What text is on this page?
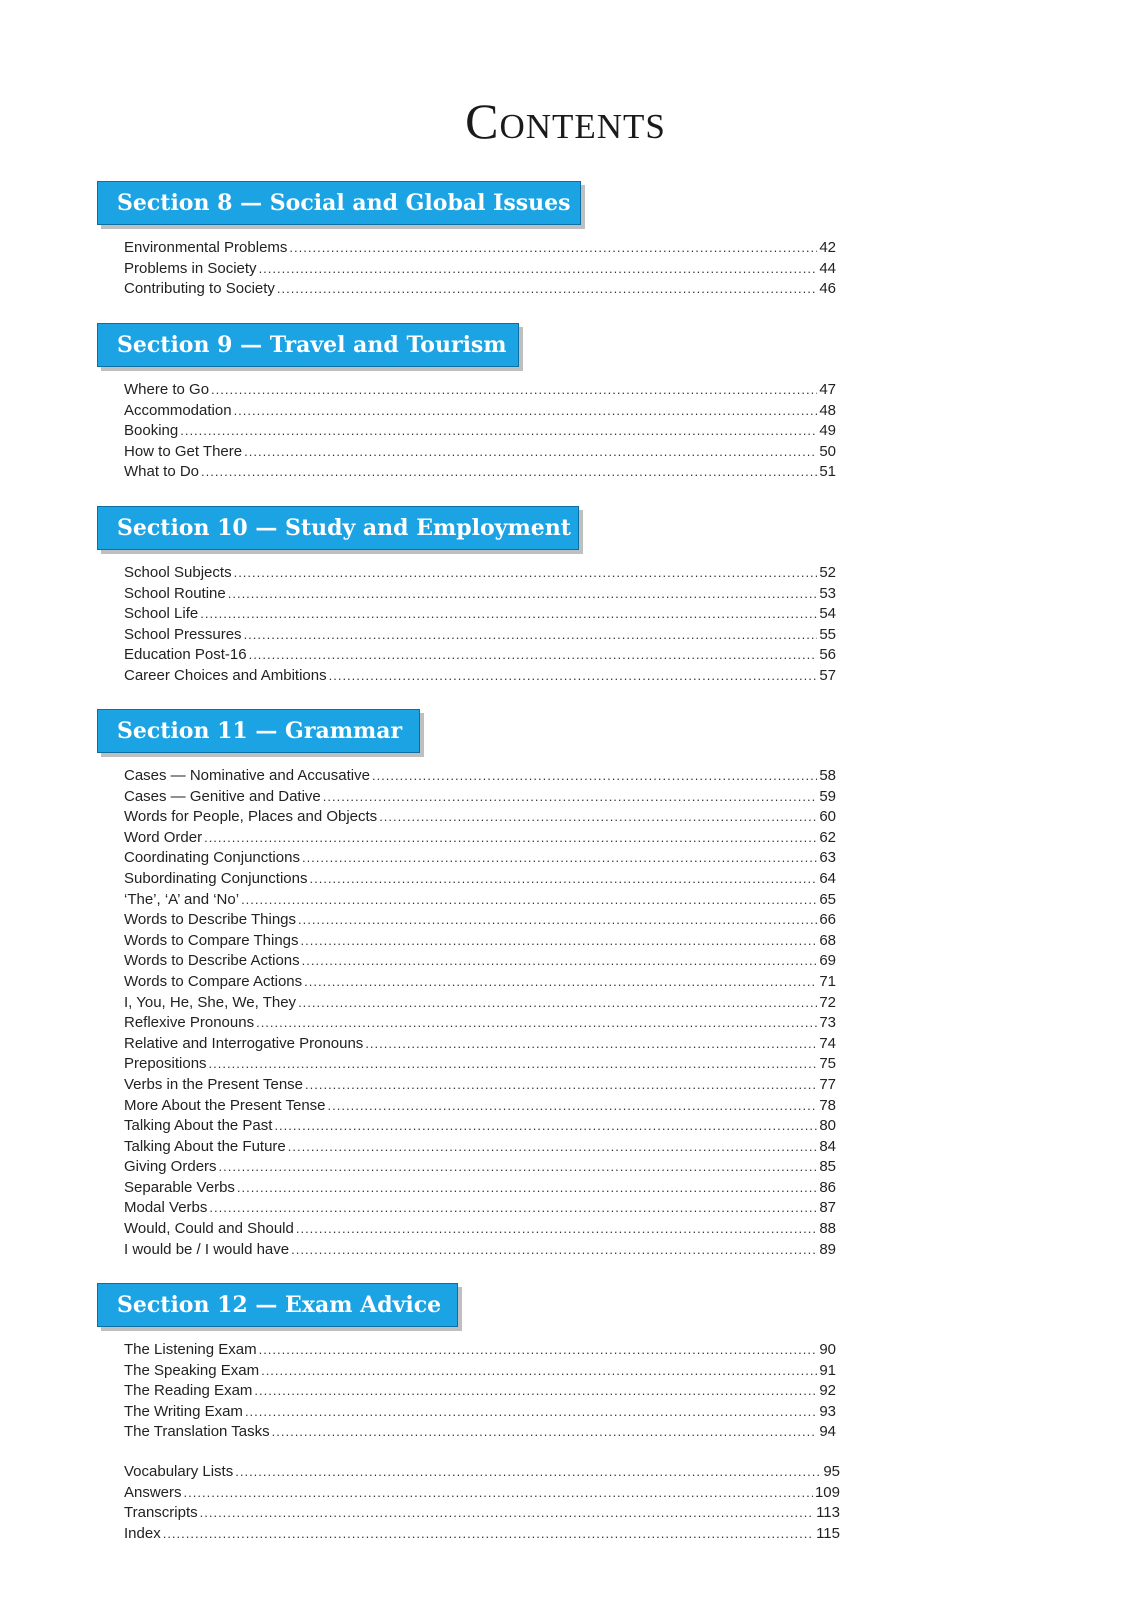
Contents
Section 8 — Social and Global Issues
Environmental Problems .....	42
Problems in Society .....	44
Contributing to Society .....	46
Section 9 — Travel and Tourism
Where to Go .....	47
Accommodation .....	48
Booking .....	49
How to Get There .....	50
What to Do .....	51
Section 10 — Study and Employment
School Subjects .....	52
School Routine .....	53
School Life .....	54
School Pressures .....	55
Education Post-16 .....	56
Career Choices and Ambitions .....	57
Section 11 — Grammar
Cases — Nominative and Accusative .....	58
Cases — Genitive and Dative .....	59
Words for People, Places and Objects .....	60
Word Order .....	62
Coordinating Conjunctions .....	63
Subordinating Conjunctions .....	64
‘The’, ‘A’ and ‘No’ .....	65
Words to Describe Things .....	66
Words to Compare Things .....	68
Words to Describe Actions .....	69
Words to Compare Actions .....	71
I, You, He, She, We, They .....	72
Reflexive Pronouns .....	73
Relative and Interrogative Pronouns .....	74
Prepositions .....	75
Verbs in the Present Tense .....	77
More About the Present Tense .....	78
Talking About the Past .....	80
Talking About the Future .....	84
Giving Orders .....	85
Separable Verbs .....	86
Modal Verbs .....	87
Would, Could and Should .....	88
I would be / I would have .....	89
Section 12 — Exam Advice
The Listening Exam .....	90
The Speaking Exam .....	91
The Reading Exam .....	92
The Writing Exam .....	93
The Translation Tasks .....	94
Vocabulary Lists .....	95
Answers .....	109
Transcripts .....	113
Index .....	115
